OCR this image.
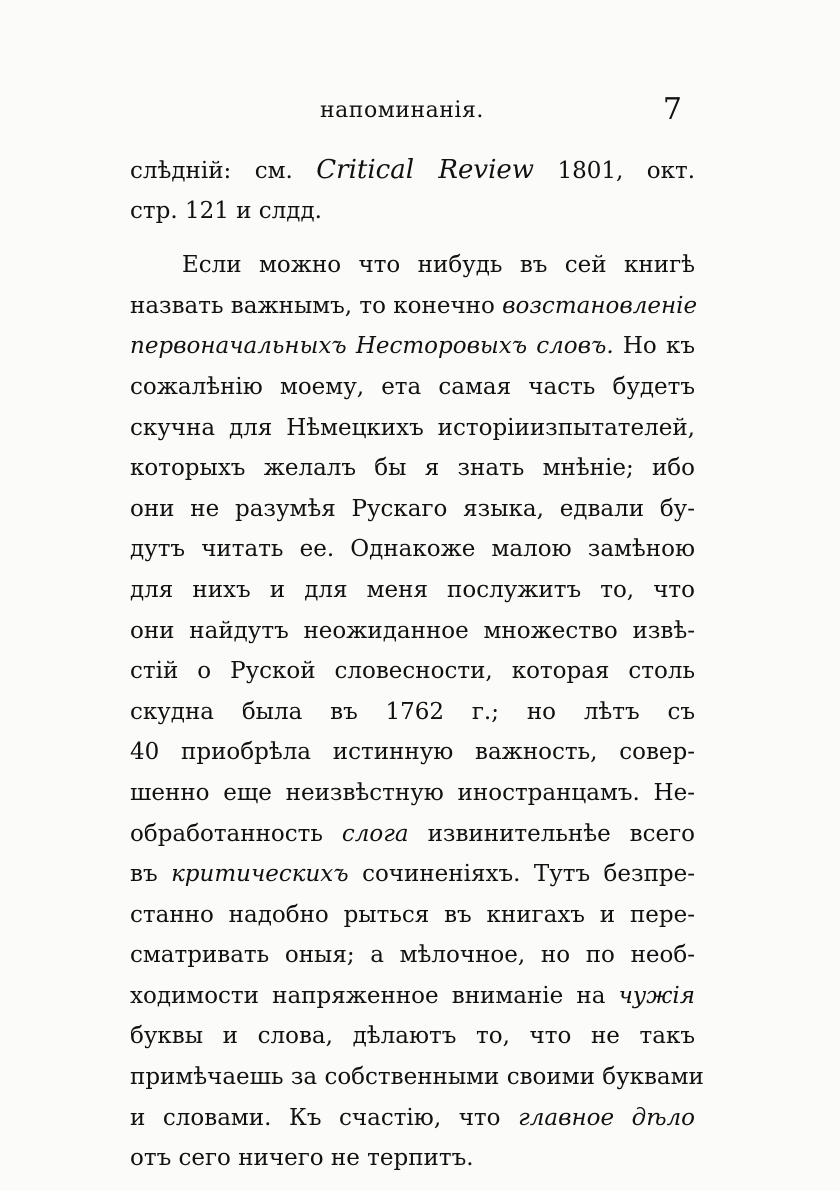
напоминанія.	7
слѣдній: см. Critical Review 1801, окт.
стр. 121 и слдд.
Если можно что нибудь въ сей книгѣ
назвать важнымъ, то конечно возстановленіе
первоначальныхъ Несторовыхъ словъ. Но къ
сожалѣнію моему, ета самая часть будетъ
скучна для Нѣмецкихъ исторіиизпытателей,
которыхъ желалъ бы я знать мнѣніе; ибо
они не разумѣя Рускаго языка, едвали бу-
дутъ читать ее. Однакоже малою замѣною
для нихъ и для меня послужитъ то, что
они найдутъ неожиданное множество извѣ-
стій о Руской словесности, которая столь
скудна была въ 1762 г.; но лѣтъ съ
40 приобрѣла истинную важность, совер-
шенно еще неизвѣстную иностранцамъ. Не-
обработанность слога извинительнѣе всего
въ критическихъ сочиненіяхъ. Тутъ безпре-
станно надобно рыться въ книгахъ и пере-
сматривать оныя; а мѣлочное, но по необ-
ходимости напряженное вниманіе на чужія
буквы и слова, дѣлаютъ то, что не такъ
примѣчаешь за собственными своими буквами
и словами. Къ счастію, что главное дѣло
отъ сего ничего не терпитъ.
